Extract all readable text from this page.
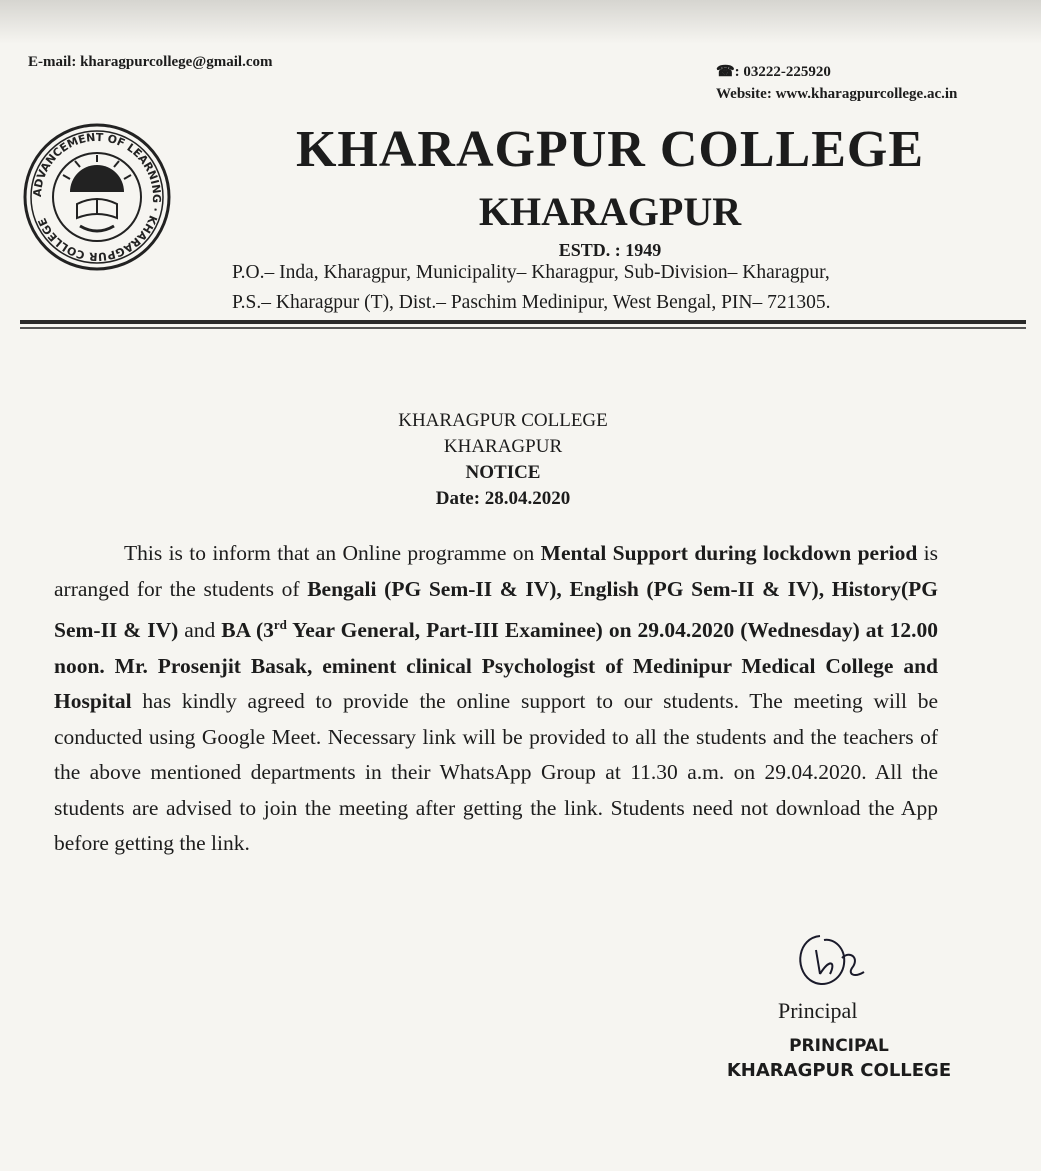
E-mail: kharagpurcollege@gmail.com
☎: 03222-225920
Website: www.kharagpurcollege.ac.in
ADVANCEMENT OF LEARNING · KHARAGPUR COLLEGE
KHARAGPUR COLLEGE
KHARAGPUR
ESTD. : 1949
P.O.– Inda, Kharagpur, Municipality– Kharagpur, Sub-Division– Kharagpur,
P.S.– Kharagpur (T), Dist.– Paschim Medinipur, West Bengal, PIN– 721305.
KHARAGPUR COLLEGE
KHARAGPUR
NOTICE
Date: 28.04.2020
This is to inform that an Online programme on Mental Support during lockdown period is arranged for the students of Bengali (PG Sem-II & IV), English (PG Sem-II & IV), History(PG Sem-II & IV) and BA (3rd Year General, Part-III Examinee) on 29.04.2020 (Wednesday) at 12.00 noon. Mr. Prosenjit Basak, eminent clinical Psychologist of Medinipur Medical College and Hospital has kindly agreed to provide the online support to our students. The meeting will be conducted using Google Meet. Necessary link will be provided to all the students and the teachers of the above mentioned departments in their WhatsApp Group at 11.30 a.m. on 29.04.2020. All the students are advised to join the meeting after getting the link. Students need not download the App before getting the link.
Principal
PRINCIPAL
KHARAGPUR COLLEGE
